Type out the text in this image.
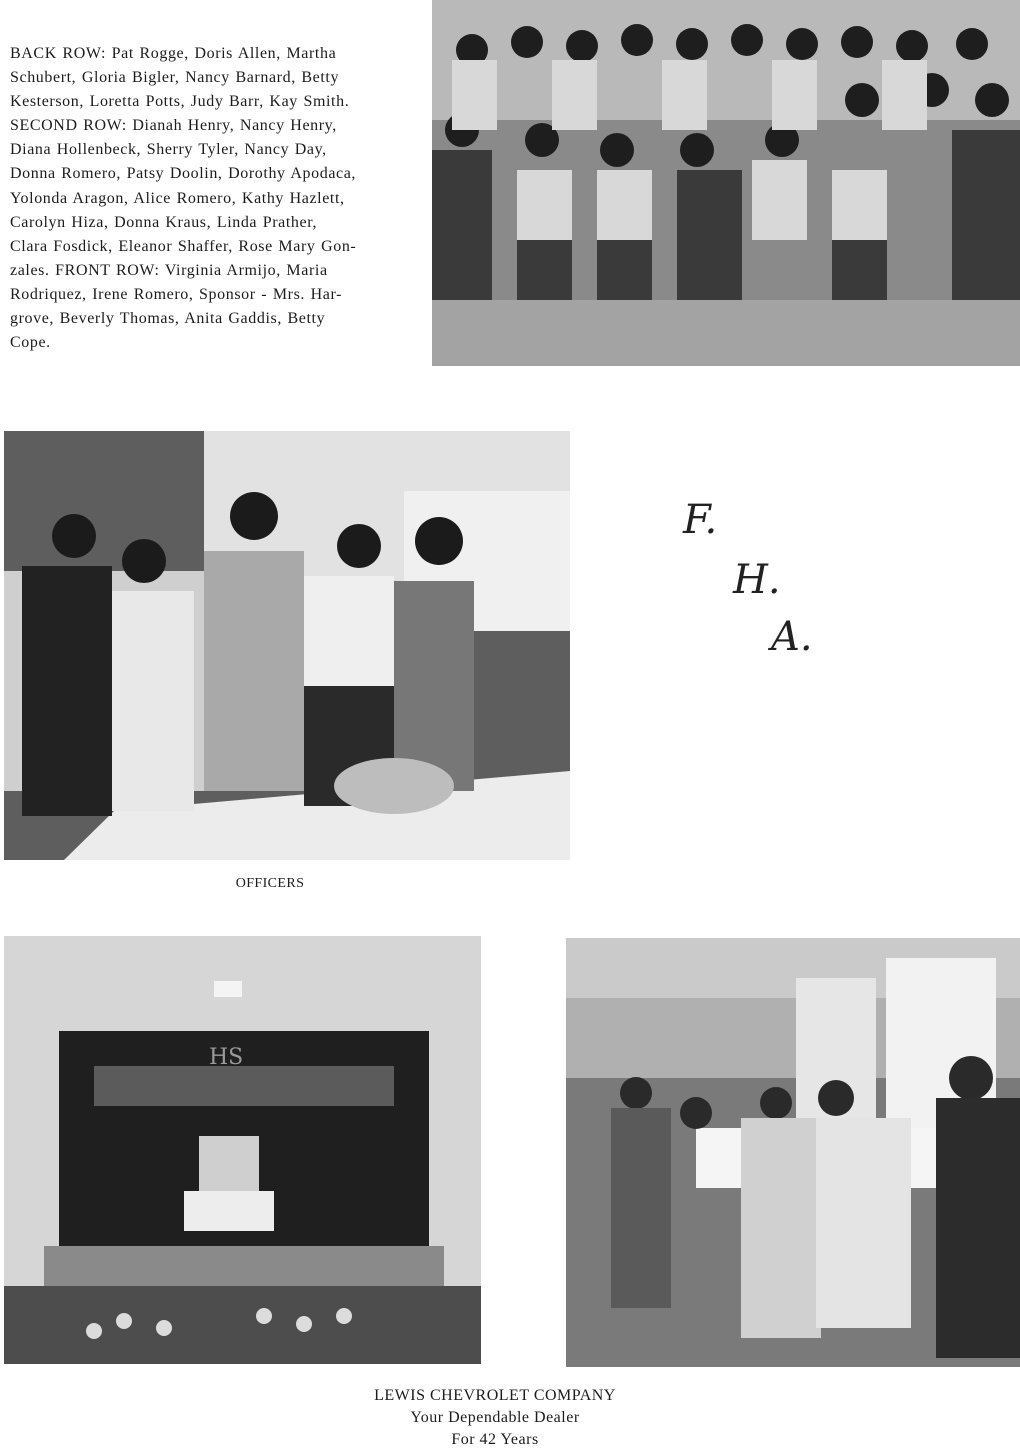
BACK ROW: Pat Rogge, Doris Allen, Martha

Schubert, Gloria Bigler, Nancy Barnard, Betty

Kesterson, Loretta Potts, Judy Barr, Kay Smith.

SECOND ROW: Dianah Henry, Nancy Henry,

Diana Hollenbeck, Sherry Tyler, Nancy Day,

Donna Romero, Patsy Doolin, Dorothy Apodaca,

Yolonda Aragon, Alice Romero, Kathy Hazlett,

Carolyn Hiza, Donna Kraus, Linda Prather,

Clara Fosdick, Eleanor Shaffer, Rose Mary Gon-

zales. FRONT ROW: Virginia Armijo, Maria

Rodriquez, Irene Romero, Sponsor - Mrs. Har-

grove, Beverly Thomas, Anita Gaddis, Betty

Cope.

F.
H.
A.
OFFICERS
HS
LEWIS CHEVROLET COMPANY
Your Dependable Dealer
For 42 Years
